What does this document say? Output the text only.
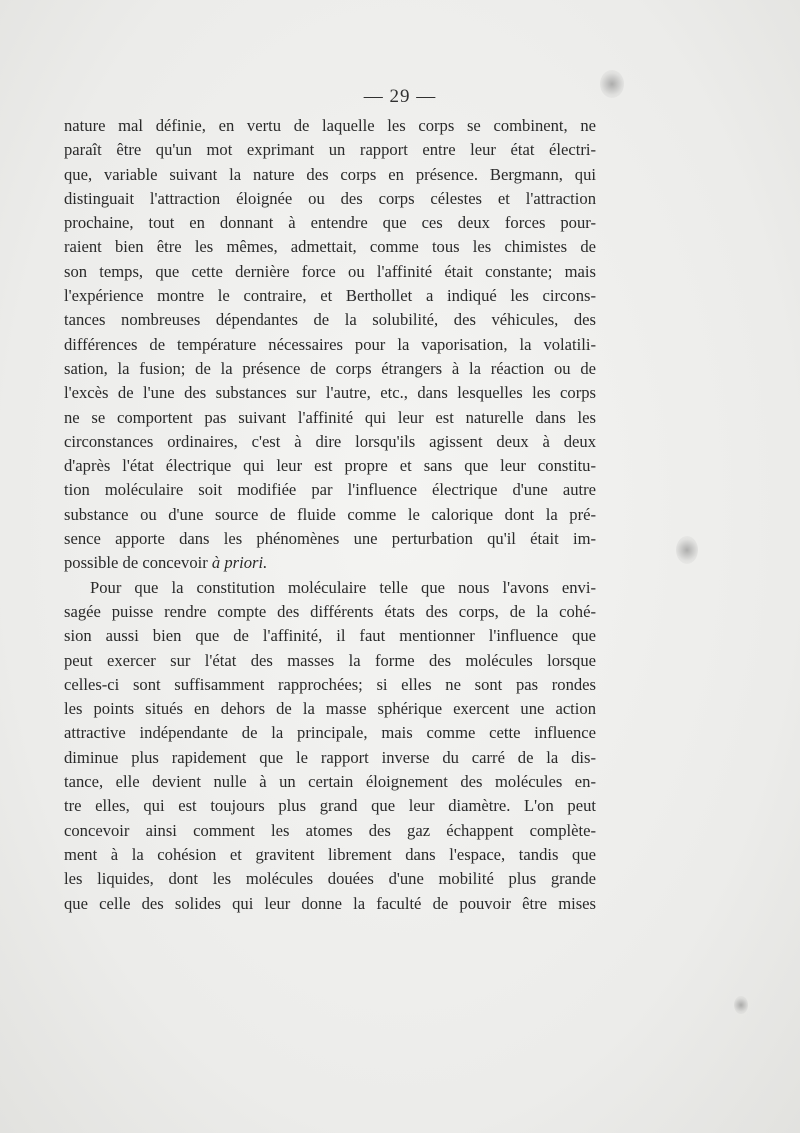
— 29 —
nature mal définie, en vertu de laquelle les corps se combinent, ne
paraît être qu'un mot exprimant un rapport entre leur état électri-
que, variable suivant la nature des corps en présence. Bergmann, qui
distinguait l'attraction éloignée ou des corps célestes et l'attraction
prochaine, tout en donnant à entendre que ces deux forces pour-
raient bien être les mêmes, admettait, comme tous les chimistes de
son temps, que cette dernière force ou l'affinité était constante; mais
l'expérience montre le contraire, et Berthollet a indiqué les circons-
tances nombreuses dépendantes de la solubilité, des véhicules, des
différences de température nécessaires pour la vaporisation, la volatili-
sation, la fusion; de la présence de corps étrangers à la réaction ou de
l'excès de l'une des substances sur l'autre, etc., dans lesquelles les corps
ne se comportent pas suivant l'affinité qui leur est naturelle dans les
circonstances ordinaires, c'est à dire lorsqu'ils agissent deux à deux
d'après l'état électrique qui leur est propre et sans que leur constitu-
tion moléculaire soit modifiée par l'influence électrique d'une autre
substance ou d'une source de fluide comme le calorique dont la pré-
sence apporte dans les phénomènes une perturbation qu'il était im-
possible de concevoir à priori.
Pour que la constitution moléculaire telle que nous l'avons envi-
sagée puisse rendre compte des différents états des corps, de la cohé-
sion aussi bien que de l'affinité, il faut mentionner l'influence que
peut exercer sur l'état des masses la forme des molécules lorsque
celles-ci sont suffisamment rapprochées; si elles ne sont pas rondes
les points situés en dehors de la masse sphérique exercent une action
attractive indépendante de la principale, mais comme cette influence
diminue plus rapidement que le rapport inverse du carré de la dis-
tance, elle devient nulle à un certain éloignement des molécules en-
tre elles, qui est toujours plus grand que leur diamètre. L'on peut
concevoir ainsi comment les atomes des gaz échappent complète-
ment à la cohésion et gravitent librement dans l'espace, tandis que
les liquides, dont les molécules douées d'une mobilité plus grande
que celle des solides qui leur donne la faculté de pouvoir être mises
